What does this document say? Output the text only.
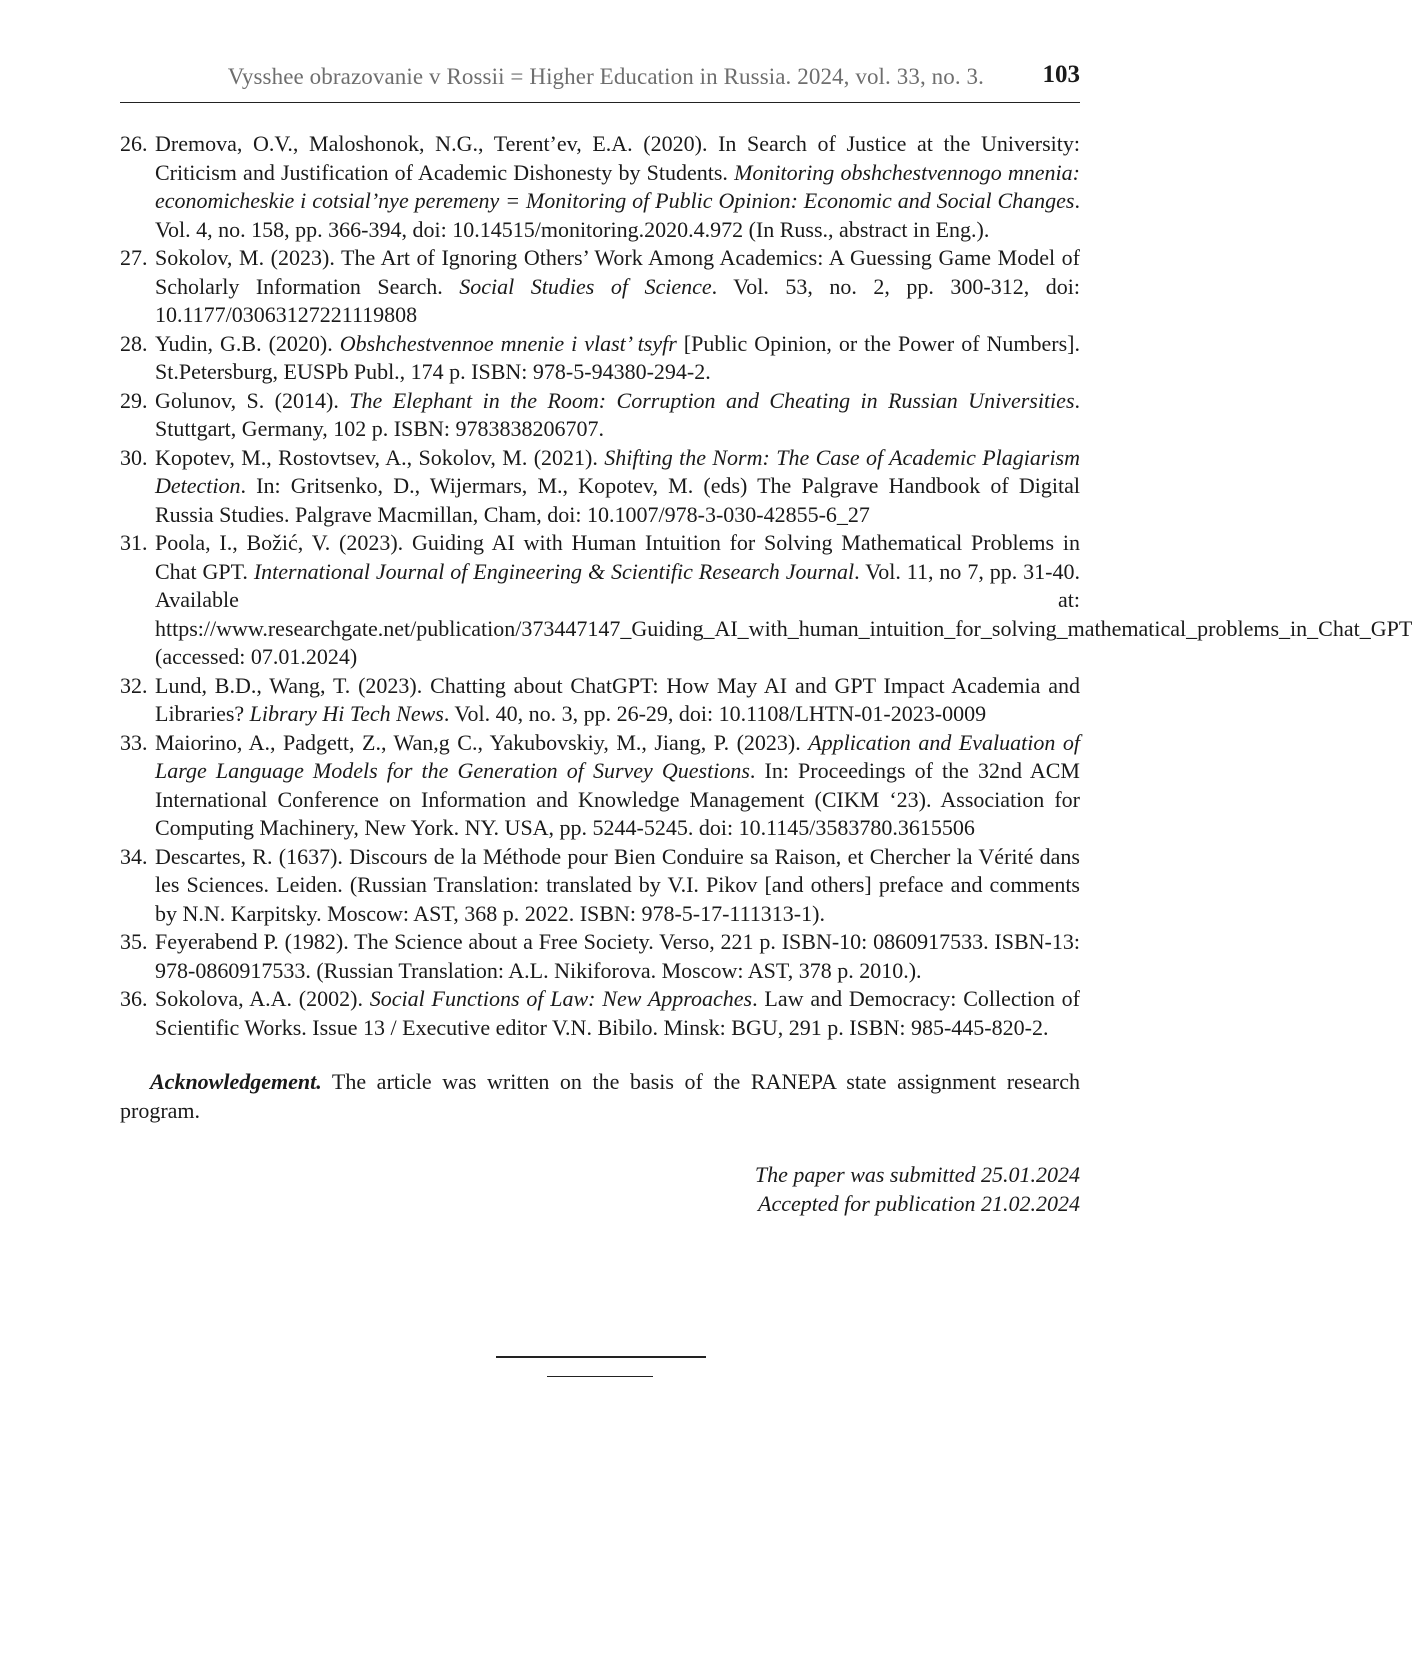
Vysshee obrazovanie v Rossii = Higher Education in Russia. 2024, vol. 33, no. 3. 103
26. Dremova, O.V., Maloshonok, N.G., Terent’ev, E.A. (2020). In Search of Justice at the University: Criticism and Justification of Academic Dishonesty by Students. Monitoring obshchestvennogo mnenia: economicheskie i cotsial’nye peremeny = Monitoring of Public Opinion: Economic and Social Changes. Vol. 4, no. 158, pp. 366-394, doi: 10.14515/monitoring.2020.4.972 (In Russ., abstract in Eng.).
27. Sokolov, M. (2023). The Art of Ignoring Others’ Work Among Academics: A Guessing Game Model of Scholarly Information Search. Social Studies of Science. Vol. 53, no. 2, pp. 300-312, doi: 10.1177/03063127221119808
28. Yudin, G.B. (2020). Obshchestvennoe mnenie i vlast’ tsyfr [Public Opinion, or the Power of Numbers]. St.Petersburg, EUSPb Publ., 174 p. ISBN: 978-5-94380-294-2.
29. Golunov, S. (2014). The Elephant in the Room: Corruption and Cheating in Russian Universities. Stuttgart, Germany, 102 p. ISBN: 9783838206707.
30. Kopotev, M., Rostovtsev, A., Sokolov, M. (2021). Shifting the Norm: The Case of Academic Plagiarism Detection. In: Gritsenko, D., Wijermars, M., Kopotev, M. (eds) The Palgrave Handbook of Digital Russia Studies. Palgrave Macmillan, Cham, doi: 10.1007/978-3-030-42855-6_27
31. Poola, I., Božić, V. (2023). Guiding AI with Human Intuition for Solving Mathematical Problems in Chat GPT. International Journal of Engineering & Scientific Research Journal. Vol. 11, no 7, pp. 31-40. Available at: https://www.researchgate.net/publication/373447147_Guiding_AI_with_human_intuition_for_solving_mathematical_problems_in_Chat_GPT (accessed: 07.01.2024)
32. Lund, B.D., Wang, T. (2023). Chatting about ChatGPT: How May AI and GPT Impact Academia and Libraries? Library Hi Tech News. Vol. 40, no. 3, pp. 26-29, doi: 10.1108/LHTN-01-2023-0009
33. Maiorino, A., Padgett, Z., Wan,g C., Yakubovskiy, M., Jiang, P. (2023). Application and Evaluation of Large Language Models for the Generation of Survey Questions. In: Proceedings of the 32nd ACM International Conference on Information and Knowledge Management (CIKM ‘23). Association for Computing Machinery, New York. NY. USA, pp. 5244-5245. doi: 10.1145/3583780.3615506
34. Descartes, R. (1637). Discours de la Méthode pour Bien Conduire sa Raison, et Chercher la Vérité dans les Sciences. Leiden. (Russian Translation: translated by V.I. Pikov [and others] preface and comments by N.N. Karpitsky. Moscow: AST, 368 p. 2022. ISBN: 978-5-17-111313-1).
35. Feyerabend P. (1982). The Science about a Free Society. Verso, 221 p. ISBN-10: 0860917533. ISBN-13: 978-0860917533. (Russian Translation: A.L. Nikiforova. Moscow: AST, 378 p. 2010.).
36. Sokolova, A.A. (2002). Social Functions of Law: New Approaches. Law and Democracy: Collection of Scientific Works. Issue 13 / Executive editor V.N. Bibilo. Minsk: BGU, 291 p. ISBN: 985-445-820-2.

Acknowledgement. The article was written on the basis of the RANEPA state assignment research program.

The paper was submitted 25.01.2024
Accepted for publication 21.02.2024
